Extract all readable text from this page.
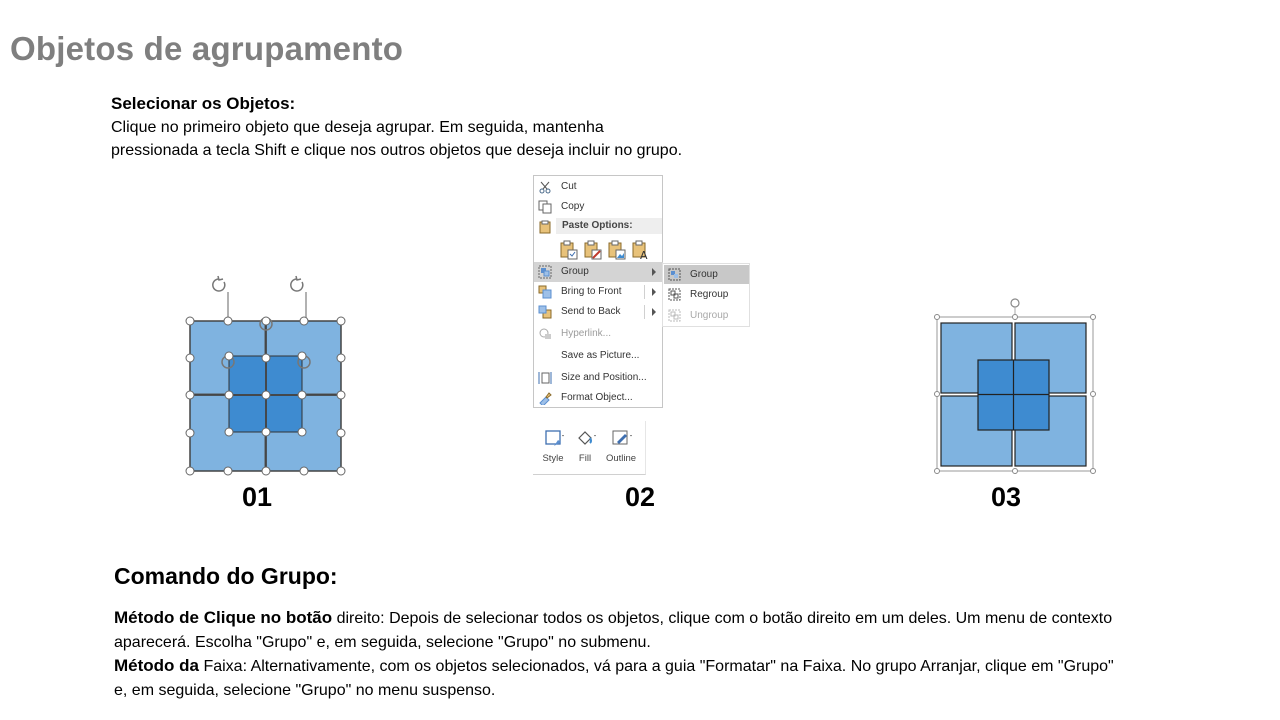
Objetos de agrupamento
Selecionar os Objetos:
Clique no primeiro objeto que deseja agrupar. Em seguida, mantenha
pressionada a tecla Shift e clique nos outros objetos que deseja incluir no grupo.
01
Cut
Copy
Paste Options:
A
Group
Bring to Front
Send to Back
Hyperlink...
Save as Picture...
Size and Position...
Format Object...
Group
Regroup
Ungroup
Style	Fill	Outline
02	03
Comando do Grupo:
Método de Clique no botão direito: Depois de selecionar todos os objetos, clique com o botão direito em um deles. Um menu de contexto aparecerá. Escolha "Grupo" e, em seguida, selecione "Grupo" no submenu.
Método da Faixa: Alternativamente, com os objetos selecionados, vá para a guia "Formatar" na Faixa. No grupo Arranjar, clique em "Grupo" e, em seguida, selecione "Grupo" no menu suspenso.
